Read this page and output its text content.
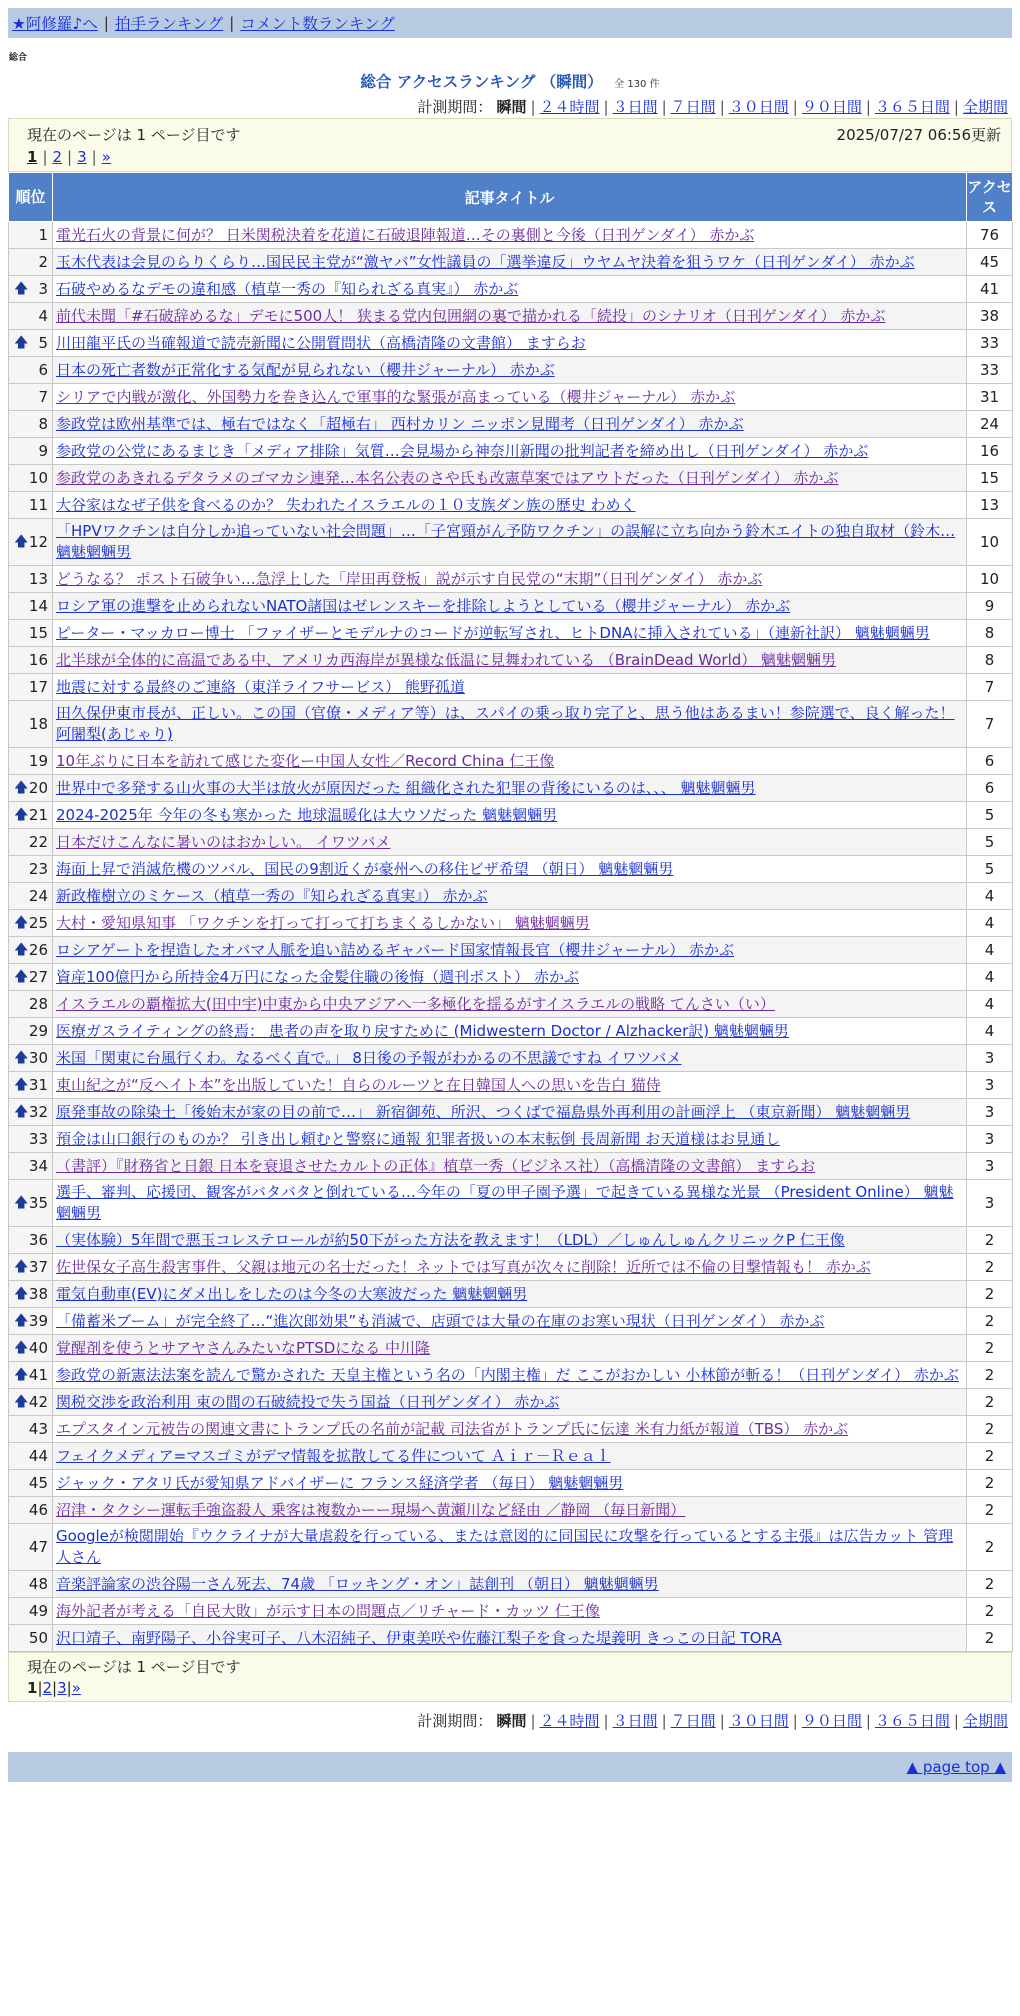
★阿修羅♪へ | 拍手ランキング | コメント数ランキング
総合
総合 アクセスランキング （瞬間） 全 130 件
計測期間： 瞬間 | ２４時間 | ３日間 | ７日間 | ３０日間 | ９０日間 | ３６５日間 | 全期間
現在のページは 1 ページ目です	2025/07/27 06:56更新
1 | 2 | 3 | »
順位	記事タイトル	アクセス
1	電光石火の背景に何が？ 日米関税決着を花道に石破退陣報道…その裏側と今後（日刊ゲンダイ） 赤かぶ	76
2	玉木代表は会見のらりくらり…国民民主党が“激ヤバ”女性議員の「選挙違反」ウヤムヤ決着を狙うワケ（日刊ゲンダイ） 赤かぶ	45

🡅 3	石破やめるなデモの違和感（植草一秀の『知られざる真実』） 赤かぶ	41
4	前代未聞「#石破辞めるな」デモに500人！ 狭まる党内包囲網の裏で描かれる「続投」のシナリオ（日刊ゲンダイ） 赤かぶ	38

🡅 5	川田龍平氏の当確報道で読売新聞に公開質問状（高橋清隆の文書館） ますらお	33
6	日本の死亡者数が正常化する気配が見られない（櫻井ジャーナル） 赤かぶ	33
7	シリアで内戦が激化、外国勢力を巻き込んで軍事的な緊張が高まっている（櫻井ジャーナル） 赤かぶ	31
8	参政党は欧州基準では、極右ではなく「超極右」 西村カリン ニッポン見聞考（日刊ゲンダイ） 赤かぶ	24
9	参政党の公党にあるまじき「メディア排除」気質…会見場から神奈川新聞の批判記者を締め出し（日刊ゲンダイ） 赤かぶ	16
10	参政党のあきれるデタラメのゴマカシ連発…本名公表のさや氏も改憲草案ではアウトだった（日刊ゲンダイ） 赤かぶ	15
11	大谷家はなぜ子供を食べるのか？ 失われたイスラエルの１０支族ダン族の歴史 わめく	13

🡅 12	「HPVワクチンは自分しか追っていない社会問題」…「子宮頸がん予防ワクチン」の誤解に立ち向かう鈴木エイトの独自取材（鈴木… 魑魅魍魎男	10
13	どうなる？ ポスト石破争い…急浮上した「岸田再登板」説が示す自民党の“末期”（日刊ゲンダイ） 赤かぶ	10
14	ロシア軍の進撃を止められないNATO諸国はゼレンスキーを排除しようとしている（櫻井ジャーナル） 赤かぶ	9
15	ピーター・マッカロー博士 「ファイザーとモデルナのコードが逆転写され、ヒトDNAに挿入されている」（連新社訳） 魑魅魍魎男	8
16	北半球が全体的に高温である中、アメリカ西海岸が異様な低温に見舞われている （BrainDead World） 魑魅魍魎男	8
17	地震に対する最終のご連絡（東洋ライフサービス） 熊野孤道	7
18	田久保伊東市長が、正しい。この国（官僚・メディア等）は、スパイの乗っ取り完了と、思う他はあるまい！参院選で、良く解った！ 阿闍梨(あじゃり)	7
19	10年ぶりに日本を訪れて感じた変化ー中国人女性／Record China 仁王像	6

🡅 20	世界中で多発する山火事の大半は放火が原因だった 組織化された犯罪の背後にいるのは、、、 魑魅魍魎男	6

🡅 21	2024-2025年 今年の冬も寒かった 地球温暖化は大ウソだった 魑魅魍魎男	5
22	日本だけこんなに暑いのはおかしい。 イワツバメ	5
23	海面上昇で消滅危機のツバル、国民の9割近くが豪州への移住ビザ希望 （朝日） 魑魅魍魎男	5
24	新政権樹立のミケース（植草一秀の『知られざる真実』） 赤かぶ	4

🡅 25	大村・愛知県知事 「ワクチンを打って打って打ちまくるしかない」 魑魅魍魎男	4

🡅 26	ロシアゲートを捏造したオバマ人脈を追い詰めるギャバード国家情報長官（櫻井ジャーナル） 赤かぶ	4

🡅 27	資産100億円から所持金4万円になった金髪住職の後悔（週刊ポスト） 赤かぶ	4
28	イスラエルの覇権拡大(田中宇)中東から中央アジアへ一多極化を揺るがすイスラエルの戦略 てんさい（い）	4
29	医療ガスライティングの終焉： 患者の声を取り戻すために (Midwestern Doctor / Alzhacker訳) 魑魅魍魎男	4

🡅 30	米国「関東に台風行くわ。なるべく直で。」 8日後の予報がわかるの不思議ですね イワツバメ	3

🡅 31	東山紀之が“反ヘイト本”を出版していた！自らのルーツと在日韓国人への思いを告白 猫侍	3

🡅 32	原発事故の除染土「後始末が家の目の前で…」 新宿御苑、所沢、つくばで福島県外再利用の計画浮上 （東京新聞） 魑魅魍魎男	3
33	預金は山口銀行のものか？ 引き出し頼むと警察に通報 犯罪者扱いの本末転倒 長周新聞 お天道様はお見通し	3
34	（書評）『財務省と日銀 日本を衰退させたカルトの正体』植草一秀（ビジネス社）（高橋清隆の文書館） ますらお	3

🡅 35	選手、審判、応援団、観客がバタバタと倒れている…今年の「夏の甲子園予選」で起きている異様な光景 （President Online） 魑魅魍魎男	3
36	（実体験）5年間で悪玉コレステロールが約50下がった方法を教えます！（LDL）／しゅんしゅんクリニックP 仁王像	2

🡅 37	佐世保女子高生殺害事件、父親は地元の名士だった！ネットでは写真が次々に削除！近所では不倫の目撃情報も！ 赤かぶ	2

🡅 38	電気自動車(EV)にダメ出しをしたのは今冬の大寒波だった 魑魅魍魎男	2

🡅 39	「備蓄米ブーム」が完全終了…“進次郎効果”も消滅で、店頭では大量の在庫のお寒い現状（日刊ゲンダイ） 赤かぶ	2

🡅 40	覚醒剤を使うとサアヤさんみたいなPTSDになる 中川隆	2

🡅 41	参政党の新憲法法案を読んで驚かされた 天皇主権という名の「内閣主権」だ ここがおかしい 小林節が斬る！（日刊ゲンダイ） 赤かぶ	2

🡅 42	関税交渉を政治利用 束の間の石破続投で失う国益（日刊ゲンダイ） 赤かぶ	2
43	エプスタイン元被告の関連文書にトランプ氏の名前が記載 司法省がトランプ氏に伝達 米有力紙が報道（TBS） 赤かぶ	2
44	フェイクメディア=マスゴミがデマ情報を拡散してる件について Ａｉｒ－Ｒｅａｌ	2
45	ジャック・アタリ氏が愛知県アドバイザーに フランス経済学者 （毎日） 魑魅魍魎男	2
46	沼津・タクシー運転手強盗殺人 乗客は複数かーー現場へ黄瀬川など経由 ／静岡 （毎日新聞）	2
47	Googleが検閲開始『ウクライナが大量虐殺を行っている、または意図的に同国民に攻撃を行っているとする主張』は広告カット 管理人さん	2
48	音楽評論家の渋谷陽一さん死去、74歳 「ロッキング・オン」誌創刊 （朝日） 魑魅魍魎男	2
49	海外記者が考える「自民大敗」が示す日本の問題点／リチャード・カッツ 仁王像	2
50	沢口靖子、南野陽子、小谷実可子、八木沼純子、伊東美咲や佐藤江梨子を食った堤義明 きっこの日記 TORA	2
現在のページは 1 ページ目です
1 | 2 | 3 | »
計測期間： 瞬間 | ２４時間 | ３日間 | ７日間 | ３０日間 | ９０日間 | ３６５日間 | 全期間
▲ page top ▲
